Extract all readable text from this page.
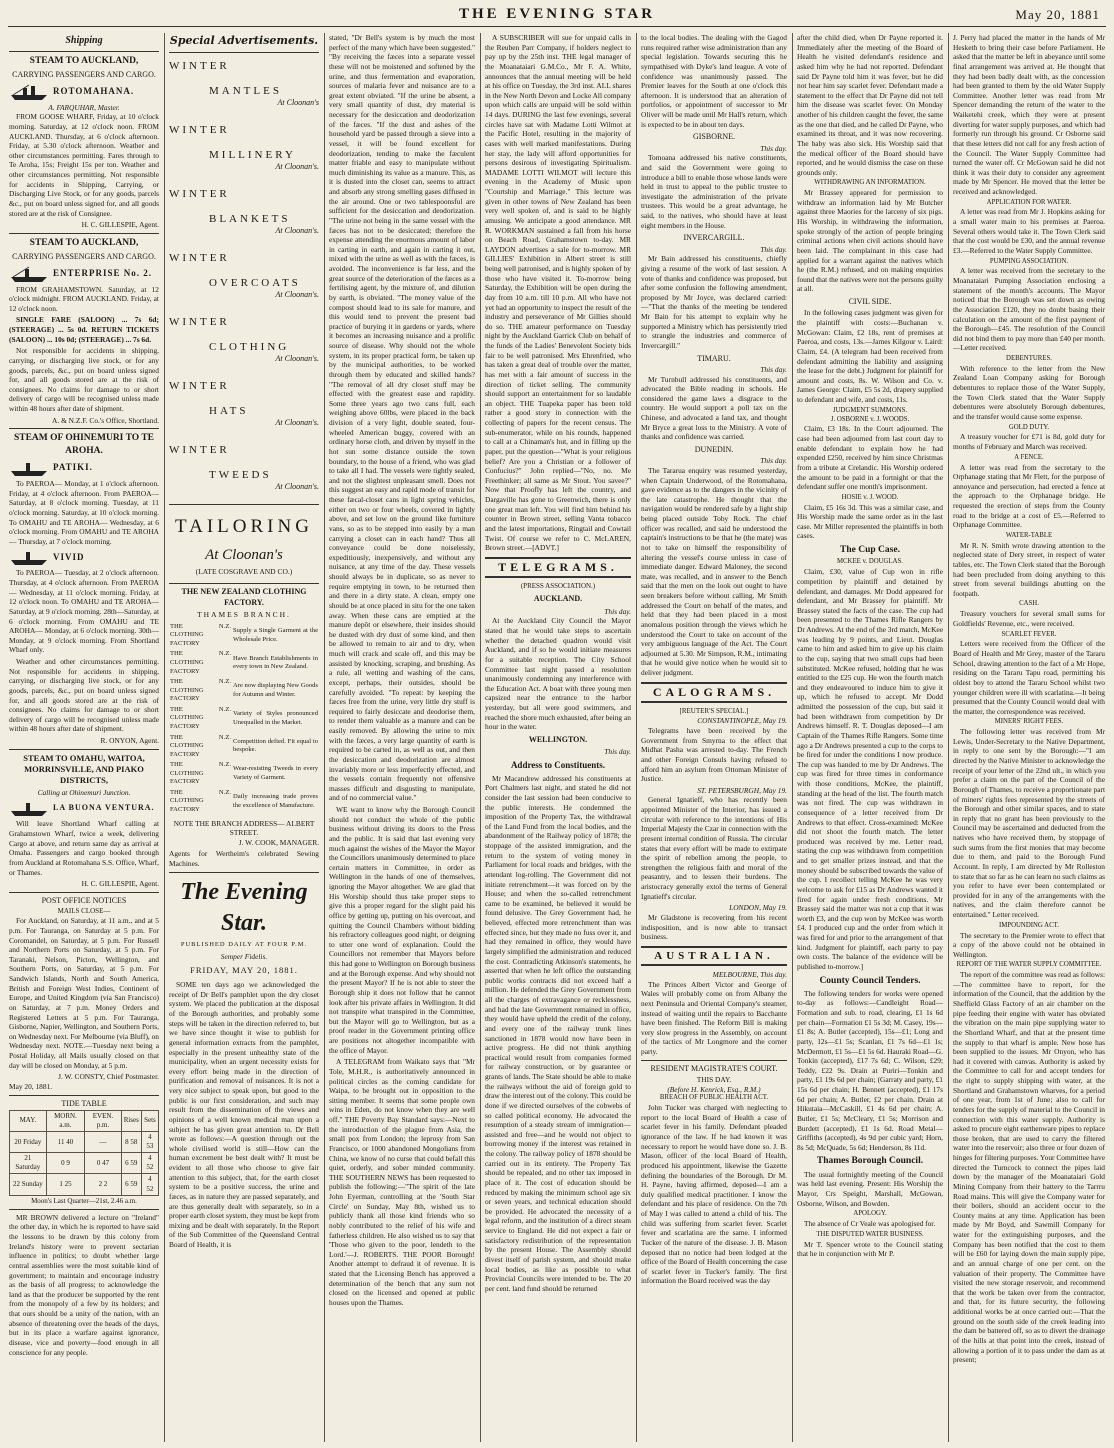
THE EVENING STAR	May 20, 1881
Shipping
STEAM TO AUCKLAND,
CARRYING PASSENGERS AND CARGO.
ROTOMAHANA.
A. FARQUHAR, Master.

FROM GOOSE WHARF, Friday, at 10 o'clock morning. Saturday, at 12 o'clock noon. FROM AUCKLAND. Thursday, at 6 o'clock afternoon. Friday, at 5.30 o'clock afternoon. Weather and other circumstances permitting. Fares through to Te Aroha, 15s; Freight 15s per ton. Weather and other circumstances permitting. Not responsible for accidents in Shipping, Carrying, or Discharging Live Stock, or for any goods, parcels &c., put on board unless signed for, and all goods stored are at the risk of Consignee.

H. C. GILLESPIE, Agent.
STEAM TO AUCKLAND,
CARRYING PASSENGERS AND CARGO.
ENTERPRISE No. 2.

FROM GRAHAMSTOWN. Saturday, at 12 o'clock midnight. FROM AUCKLAND. Friday, at 12 o'clock noon.

SINGLE FARE (SALOON) ... 7s 6d; (STEERAGE) ... 5s 0d. RETURN TICKETS (SALOON) ... 10s 0d; (STEERAGE) ... 7s 6d.

Not responsible for accidents in shipping, carrying, or discharging live stock, or for any goods, parcels, &c., put on board unless signed for, and all goods stored are at the risk of consignees. No claims for damage to or short delivery of cargo will be recognised unless made within 48 hours after date of shipment.

A. & N.Z.F. Co.'s Office, Shortland.
STEAM OF OHINEMURI TO TE AROHA.
PATIKI.

To PAEROA— Monday, at 1 o'clock afternoon. Friday, at 4 o'clock afternoon. From PAEROA— Saturday, at 8 o'clock morning. Tuesday, at 11 o'clock morning. Saturday, at 10 o'clock morning. To OMAHU and TE AROHA— Wednesday, at 6 o'clock morning. From OMAHU and TE AROHA— Thursday, at 7 o'clock morning.

VIVID

To PAEROA— Tuesday, at 2 o'clock afternoon. Thursday, at 4 o'clock afternoon. From PAEROA— Wednesday, at 11 o'clock morning. Friday, at 12 o'clock noon. To OMAHU and TE AROHA— Saturday, at 9 o'clock morning. 28th—Saturday, at 6 o'clock morning. From OMAHU and TE AROHA— Monday, at 6 o'clock morning. 30th—Monday, at 9 o'clock morning. From Shortland Wharf only.

Weather and other circumstances permitting. Not responsible for accidents in shipping, carrying, or discharging live stock, or for any goods, parcels, &c., put on board unless signed for, and all goods stored are at the risk of consignees. No claims for damage to or short delivery of cargo will be recognised unless made within 48 hours after date of shipment.

R. ONYON, Agent.
STEAM TO OMAHU, WAITOA, MORRINSVILLE, AND PIAKO DISTRICTS,
Calling at Ohinemuri Junction.
LA BUONA VENTURA.

Will leave Shortland Wharf calling at Grahamstown Wharf, twice a week, delivering Cargo at above, and return same day as arrival at Omaha. Passengers and cargo booked through from Auckland at Rotomahana S.S. Office, Wharf, or Thames.

H. C. GILLESPIE, Agent.
POST OFFICE NOTICES
MAILS CLOSE—

For Auckland, on Saturday, at 11 a.m., and at 5 p.m. For Tauranga, on Saturday at 5 p.m. For Coromandel, on Saturday, at 5 p.m. For Russell and Northern Ports on Saturday, at 5 p.m. For Taranaki, Nelson, Picton, Wellington, and Southern Ports, on Saturday, at 5 p.m. For Sandwich Islands, North and South America, British and Foreign West Indies, Continent of Europe, and United Kingdom (via San Francisco) on Saturday, at 7 p.m. Money Orders and Registered Letters at 5 p.m. For Tauranga, Gisborne, Napier, Wellington, and Southern Ports, on Wednesday next. For Melbourne (via Bluff), on Wednesday next. NOTE.—Tuesday next being a Postal Holiday, all Mails usually closed on that day will be closed on Monday, at 5 p.m.

J. W. CONSTY, Chief Postmaster.
May 20, 1881.
TIDE TABLE
MAY.	MORN. a.m.	EVEN. p.m.	Rises	Sets
20 Friday	11 40	—	8 58	4 53
21 Saturday	0 9	0 47	6 59	4 52
22 Sunday	1 25	2 2	6 59	4 52
Moon's Last Quarter—21st, 2.46 a.m.

MR BROWN delivered a lecture on "Ireland" the other day, in which he is reported to have said the lessons to be drawn by this colony from Ireland's history were to prevent sectarian influence in politics; to doubt whether large central assemblies were the most suitable kind of government; to maintain and encourage industry as the basis of all progress; to acknowledge the land as that the producer be supported by the rent from the monopoly of a few by its holders; and that ours should be a unity of the nation, with an absence of threatening over the heads of the days, but in its place a warfare against ignorance, disease, vice and poverty—food enough in all conscience for any people.

Special Advertisements.
WINTER
MANTLES
At Cloonan's
WINTER
MILLINERY
At Cloonan's.
WINTER
BLANKETS
At Cloonan's.
WINTER
OVERCOATS
At Cloonan's.
WINTER
CLOTHING
At Cloonan's.
WINTER
HATS
At Cloonan's.
WINTER
TWEEDS
At Cloonan's.
TAILORING
At Cloonan's
(LATE COSGRAVE AND CO.)
THE NEW ZEALAND CLOTHING FACTORY.
THAMES BRANCH.
THE N.Z. CLOTHING FACTORY	Supply a Single Garment at the Wholesale Price.
THE N.Z. CLOTHING FACTORY	Have Branch Establishments in every town in New Zealand.
THE N.Z. CLOTHING FACTORY	Are now displaying New Goods for Autumn and Winter.
THE N.Z. CLOTHING FACTORY	Variety of Styles pronounced Unequalled in the Market.
THE N.Z. CLOTHING FACTORY	Competition defied. Fit equal to bespoke.
THE N.Z. CLOTHING FACTORY	Wear-resisting Tweeds in every Variety of Garment.
THE N.Z. CLOTHING FACTORY	Daily increasing trade proves the excellence of Manufacture.
NOTE THE BRANCH ADDRESS— ALBERT STREET.
J. W. COOK, MANAGER.
Agents for Wertheim's celebrated Sewing Machines.
The Evening Star.
PUBLISHED DAILY AT FOUR P.M.
Semper Fidelis.
FRIDAY, MAY 20, 1881.

SOME ten days ago we acknowledged the receipt of Dr Bell's pamphlet upon the dry closet system. We placed the publication at the disposal of the Borough authorities, and probably some steps will be taken in the direction referred to, but we have since thought it wise to publish for general information extracts from the pamphlet, especially in the present unhealthy state of the municipality, when an urgent necessity exists for every effort being made in the direction of purification and removal of nuisances. It is not a very nice subject to speak upon, but good to the public is our first consideration, and such may result from the dissemination of the views and opinions of a well known medical man upon a subject he has given great attention to. Dr Bell wrote as follows:—A question through out the whole civilised world is still—How can the human excrement be best dealt with? It must be evident to all those who choose to give fair attention to this subject, that, for the earth closet system to be a positive success, the urine and fæces, as in nature they are passed separately, and are thus generally dealt with separately, so in a proper earth closet system, they must be kept from mixing and be dealt with separately. In the Report of the Sub Committee of the Queensland Central Board of Health, it is

stated, "Dr Bell's system is by much the most perfect of the many which have been suggested." "By receiving the fæces into a separate vessel these will not be moistened and softened by the urine, and thus fermentation and evaporation, sources of malaria fever and nuisance are to a great extent obviated. "If the urine be absent, a very small quantity of dust, dry material is necessary for the desiccation and deodorization of the fæces. "If the dust and ashes of the household yard be passed through a sieve into a vessel, it will be found excellent for deodorization, tending to make the fæculent matter friable and easy to manipulate without much diminishing its value as a manure. This, as it is dusted into the closet can, seems to attract and absorb any strong smelling gases diffused in the air around. One or two tablespoonsful are sufficient for the desiccation and deodorization. "The urine not being in the same vessel with the fæces has not to be desiccated; therefore the expense attending the enormous amount of labor in carting in earth, and again in carting it out, mixed with the urine as well as with the fæces, is avoided. The inconvenience is far less, and the great source of the deterioration of the fæces as a fertilising agent, by the mixture of, and dilution by earth, is obviated. "The money value of the compost should lead to its sale for manure, and this would tend to prevent the present bad practice of burying it in gardens or yards, where it becomes an increasing nuisance and a prolific source of disease. Why should not the whole system, in its proper practical form, be taken up by the municipal authorities, to be worked through them by educated and skilled hands? "The removal of all dry closet stuff may be effected with the greatest ease and rapidity. Some three years ago two cans full, each weighing above 60lbs, were placed in the back division of a very light, double seated, four-wheeled American buggy, covered with an ordinary horse cloth, and driven by myself in the hot sun some distance outside the town boundary, to the house of a friend, who was glad to take all I had. The vessels were tightly sealed, and not the slightest unpleasant smell. Does not this suggest an easy and rapid mode of transit for these fæcal-closet cans in light spring vehicles, either on two or four wheels, covered in lightly above, and set low on the ground like furniture vans, so as to be stepped into easily by a man carrying a closet can in each hand? Thus all conveyance could be done noiselessly, expeditiously, inexpensively, and without any nuisance, at any time of the day. These vessels should always be in duplicate, so as never to require emptying in town, to be returned then and there in a dirty state. A clean, empty one should be at once placed in situ for the one taken away. When these cans are emptied at the manure depôt or elsewhere, their insides should be dusted with dry dust of some kind, and then be allowed to remain to air and to dry, when much will crack and scale off, and this may be assisted by knocking, scraping, and brushing. As a rule, all wetting and washing of the cans, except, perhaps, their outsides, should be carefully avoided. "To repeat: by keeping the fæces free from the urine, very little dry stuff is required to fairly desiccate and deodorise them, to render them valuable as a manure and can be easily removed. By allowing the urine to mix with the fæces, a very large quantity of earth is required to be carted in, as well as out, and then the desiccation and deodorization are almost invariably more or less imperfectly effected, and the vessels contain frequently not offensive masses difficult and disgusting to manipulate, and of no commercial value."

WE want to know why the Borough Council should not conduct the whole of the public business without driving its doors to the Press and the public. It is said that last evening very much against the wishes of the Mayor the Mayor the Councillors unanimously determined to place certain matters in Committee, in order as Wellington in the hands of one of themselves, ignoring the Mayor altogether. We are glad that His Worship should thus take proper steps to give this a proper regard for the slight paid his office by getting up, putting on his overcoat, and quitting the Council Chambers without bidding his refractory colleagues good night, or deigning to utter one word of explanation. Could the Councillors not remember that Mayors before this had gone to Wellington on Borough business and at the Borough expense. And why should not the present Mayor? If he is not able to steer the Borough ship it does not follow that he cannot look after his private affairs in Wellington. It did not transpire what transpired in the Committee, but the Mayor will go to Wellington, but as a proof reader in the Government printing office are positions not altogether incompatible with the office of Mayor.

A TELEGRAM from Waikato says that "Mr Tole, M.H.R., is authoritatively announced in political circles as the coming candidate for Waipa, to be brought out in opposition to the sitting member. It seems that some people own wins in Eden, do not know when they are well off." THE Poverty Bay Standard says:—Next to the introduction of the plague from Asia, the small pox from London; the leprosy from San Francisco, or 1000 abandoned Mongolians from China, we know of no curse that could befall this quiet, orderly, and sober minded community. THE SOUTHERN NEWS has been requested to publish the following:—"The spirit of the late John Eyerman, controlling at the 'South Star Circle' on Sunday, May 8th, wished us to publicly thank all those kind friends who so nobly contributed to the relief of his wife and fatherless children. He also wished us to say that 'Those who given to the poor, lendeth to the Lord.'—J. ROBERTS. THE POOR Borough! Another attempt to defraud it of revenue. It is stated that the Licensing Bench has approved a determination of the bench that any sum not closed on the licensed and opened at public houses upon the Thames.

A SUBSCRIBER will sue for unpaid calls in the Reuben Parr Company, if holders neglect to pay up by the 25th inst. THE legal manager of the Moanataiari G.M.Co., Mr F. A. White, announces that the annual meeting will be held at his office on Tuesday, the 3rd inst. ALL shares in the New North Devon and Locke All company upon which calls are unpaid will be sold within 14 days. DURING the last few evenings, several circles have sat with Madame Lotti Wilmot at the Pacific Hotel, resulting in the majority of cases with well marked manifestations. During her stay, the lady will afford opportunities for persons desirous of investigating Spiritualism. MADAME LOTTI WILMOT will lecture this evening in the Academy of Music upon "Courtship and Marriage." This lecture was given in other towns of New Zealand has been very well spoken of, and is said to be highly amusing. We anticipate a good attendance. MR R. WORKMAN sustained a fall from his horse on Beach Road, Grahamstown to-day. MR LAYDON advertises a sale for to-morrow. MR GILLIES' Exhibition in Albert street is still being well patronised, and is highly spoken of by those who have visited it. To-morrow being Saturday, the Exhibition will be open during the day from 10 a.m. till 10 p.m. All who have not yet had an opportunity to inspect the result of the industry and perseverance of Mr Gillies should do so. THE amateur performance on Tuesday night by the Auckland Garrick Club on behalf of the funds of the Ladies' Benevolent Society bids fair to be well patronised. Mrs Ehrenfried, who has taken a great deal of trouble over the matter, has met with a fair amount of success in the direction of ticket selling. The community should support an entertainment for so laudable an object. THE Tuapeka paper has been told rather a good story in connection with the collecting of papers for the recent census. The sub-enumerator, while on his rounds, happened to call at a Chinaman's hut, and in filling up the paper, put the question—"What is your religious belief? Are you a Christian or a follower of Confucius?" John replied—"No, no. Me Freethinker; all same as Mr Stout. You savee?" Now that Proofly has left the country, and Dargaville has gone to Greenwich, there is only one great man left. You will find him behind his counter in Brown street, selling Vanta tobacco and the latest importations, Ringtail and Cowtail Twist. Of course we refer to C. McLAREN, Brown street.—[ADVT.]

TELEGRAMS.
(PRESS ASSOCIATION.)
AUCKLAND.
This day.

At the Auckland City Council the Mayor stated that he would take steps to ascertain whether the detached quadron would visit Auckland, and if so he would initiate measures for a suitable reception. The City School Committee last night passed a resolution unanimously condemning any interference with the Education Act. A boat with three young men capsized near the entrance to the harbor yesterday, but all were good swimmers, and reached the shore much exhausted, after being an hour in the water.

WELLINGTON.
This day.
Address to Constituents.

Mr Macandrew addressed his constituents at Port Chalmers last night, and stated he did not consider the last session had been conducive to the public interests. He condemned the imposition of the Property Tax, the withdrawal of the Land Fund from the local bodies, and the abandonment of the Railway policy of 1878; the stoppage of the assisted immigration, and the return to the system of voting money in Parliament for local roads and bridges, with the attendant log-rolling. The Government did not initiate retrenchment—it was forced on by the House; and when the so-called retrenchment came to be examined, he believed it would be found delusive. The Grey Government had, he believed, effected more retrenchment than was effected since, but they made no fuss over it, and had they remained in office, they would have largely simplified the administration and reduced the cost. Contradicting Atkinson's statements, he asserted that when he left office the outstanding public works contracts did not exceed half a million. He defended the Grey Government from all the charges of extravagance or recklessness, and had the late Government remained in office, they would have upheld the credit of the colony, and every one of the railway trunk lines sanctioned in 1878 would now have been in active progress. He did not think anything practical would result from companies formed for railway construction, or by guarantee or grants of lands. The State should be able to make the railways without the aid of foreign gold to draw the interest out of the colony. This could be done if we directed ourselves of the cobwebs of so called political economy. He advocated the resumption of a steady stream of immigration—assisted and free—and he would not object to borrowing money if the interest was retained in the colony. The railway policy of 1878 should be carried out in its entirety. The Property Tax should be repealed, and no other tax imposed in place of it. The cost of education should be reduced by making the minimum school age six or seven years, and technical education should be provided. He advocated the necessity of a legal reform, and the institution of a direct steam service to England. He did not expect a fair or satisfactory redistribution of the representation by the present House. The Assembly should divest itself of parish system, and should make local bodies, as like as possible to what Provincial Councils were intended to be. The 20 per cent. land fund should be returned

to the local bodies. The dealing with the Gagod runs required rather wise administration than any special legislation. Towards securing this he sympathised with Dyke's land league. A vote of confidence was unanimously passed. The Premier leaves for the South at one o'clock this afternoon. It is understood that an alteration of portfolios, or appointment of successor to Mr Oliver will be made until Mr Hall's return, which is expected to be in about ten days.

GISBORNE.
This day.

Tomoana addressed his native constituents, and said the Government were going to introduce a bill to enable those whose lands were held in trust to appeal to the public trustee to investigate the administration of the private trustees. This would be a great advantage, he said, to the natives, who should have at least eight members in the House.

INVERCARGILL.
This day.

Mr Bain addressed his constituents, chiefly giving a resume of the work of last session. A vote of thanks and confidence was proposed, but after some confusion the following amendment, proposed by Mr Joyce, was declared carried:—"That the thanks of the meeting be tendered Mr Bain for his attempt to explain why he supported a Ministry which has persistently tried to strangle the industries and commerce of Invercargill."

TIMARU.
This day.

Mr Turnbull addressed his constituents, and advocated the Bible reading in schools. He considered the game laws a disgrace to the country. He would support a poll tax on the Chinese, and advocated a land tax, and thought Mr Bryce a great loss to the Ministry. A vote of thanks and confidence was carried.

DUNEDIN.
This day.

The Tararua enquiry was resumed yesterday, when Captain Underwood, of the Rotomahana, gave evidence as to the dangers in the vicinity of the late catastrophe. He thought that the navigation would be rendered safe by a light ship being placed outside Toby Rock. The chief officer was recalled, and said he understood the captain's instructions to be that he (the mate) was not to take on himself the responsibility of altering the vessel's course unless in case of immediate danger. Edward Maloney, the second mate, was recalled, and in answer to the Bench said that the men on the look out ought to have seen breakers before without calling. Mr Smith addressed the Court on behalf of the mates, and held that they had been placed in a most anomalous position through the views which he understood the Court to take on account of the very ambiguous language of the Act. The Court adjourned at 5.30. Mr Simpson, R.M., intimating that he would give notice when he would sit to deliver judgment.

CALOGRAMS.
[REUTER'S SPECIAL.]
CONSTANTINOPLE, May 19.

Telegrams have been received by the Government from Smyrna to the effect that Midhat Pasha was arrested to-day. The French and other Foreign Consuls having refused to afford him an asylum from Ottoman Minister of Justice.

ST. PETERSBURGH, May 19.

General Ignatieff, who has recently been appointed Minister of the Interior, has issued a circular with reference to the intentions of His Imperial Majesty the Czar in connection with the present internal condition of Russia. The circular states that every effort will be made to extirpate the spirit of rebellion among the people, to strengthen the religious faith and moral of the peasantry, and to lessen their burdens. The aristocracy generally extol the terms of General Ignatieff's circular.

LONDON, May 19.

Mr Gladstone is recovering from his recent indisposition, and is now able to transact business.

AUSTRALIAN.
MELBOURNE, This day.

The Princes Albert Victor and George of Wales will probably come on from Albany the next Peninsula and Oriental Company's steamer, instead of waiting until the repairs to Bacchante have been finished. The Reform Bill is making very slow progress in the Assembly, on account of the tactics of Mr Longmore and the corner party.

RESIDENT MAGISTRATE'S COURT.
THIS DAY.
(Before H. Kenrick, Esq., R.M.)
BREACH OF PUBLIC HEALTH ACT.

John Tucker was charged with neglecting to report to the local Board of Health a case of scarlet fever in his family. Defendant pleaded ignorance of the law. If he had known it was necessary to report he would have done so. J. B. Mason, officer of the local Board of Health, produced his appointment, likewise the Gazette defining the boundaries of the Borough. Dr M. H. Payne, having affirmed, deposed—I am a duly qualified medical practitioner. I know the defendant and his place of residence. On the 7th of May I was called to attend a child of his. The child was suffering from scarlet fever. Scarlet fever and scarlatina are the same. I informed Tucker of the nature of the disease. J. B. Mason deposed that no notice had been lodged at the office of the Board of Health concerning the case of scarlet fever in Tucker's family. The first information the Board received was the day

after the child died, when Dr Payne reported it. Immediately after the meeting of the Board of Health he visited defendant's residence and asked him why he had not reported. Defendant said Dr Payne told him it was fever, but he did not hear him say scarlet fever. Defendant made a statement to the effect that Dr Payne did not tell him the disease was scarlet fever. On Monday another of his children caught the fever, the same as the one that died, and he called Dr Payne, who examined its throat, and it was now recovering. The baby was also sick. His Worship said that the medical officer of the Board should have reported, and he would dismiss the case on these grounds only.

WITHDRAWING AN INFORMATION.

Mr Brassey appeared for permission to withdraw an information laid by Mr Butcher against three Maories for the larceny of six pigs. His Worship, in withdrawing the information, spoke strongly of the action of people bringing criminal actions when civil actions should have been laid. The complainant in this case had applied for a warrant against the natives which he (the R.M.) refused, and on making enquiries found that the natives were not the persons guilty at all.

CIVIL SIDE.

In the following cases judgment was given for the plaintiff with costs:—Buchanan v. McGowan: Claim, £2 18s, rent of premises at Paeroa, and costs, 13s.—James Kilgour v. Laird: Claim, £4. (A telegram had been received from defendant admitting the liability and assigning the lease for the debt.) Judgment for plaintiff for amount and costs, 8s. W. Wilson and Co. v. James George: Claim, £5 5s 2d, drapery supplied to defendant and wife, and costs, 11s.

JUDGMENT SUMMONS.
J. OSBORNE v. J. WOODS.

Claim, £3 18s. In the Court adjourned. The case had been adjourned from last court day to enable defendant to explain how he had expended £250, received by him since Christmas from a tribute at Crelandic. His Worship ordered the amount to be paid in a fortnight or that the defendant suffer one month's imprisonment.

HOSIE v. J. WOOD.

Claim, £5 16s 3d. This was a similar case, and His Worship made the same order as in the last case. Mr Miller represented the plaintiffs in both cases.

The Cup Case.
MCKEE v. DOUGLAS.

Claim, £30, value of Cup won in rifle competition by plaintiff and detained by defendant, and damages. Mr Dodd appeared for defendant, and Mr Brassey for plaintiff. Mr Brassey stated the facts of the case. The cup had been presented to the Thames Rifle Rangers by Dr Andrews. At the end of the 3rd match, McKee was leading by 9 points, and Lieut. Douglas came to him and asked him to give up his claim to the cup, saying that two small cups had been substituted. McKee refused, holding that he was entitled to the £25 cup. He won the fourth match and they endeavoured to induce him to give it up, which he refused to accept. Mr Dodd admitted the possession of the cup, but said it had been withdrawn from competition by Dr Andrews himself. R. T. Douglas deposed—I am Captain of the Thames Rifle Rangers. Some time ago a Dr Andrews presented a cup to the corps to be fired for under the conditions I now produce. The cup was handed to me by Dr Andrews. The cup was fired for three times in conformance with those conditions, McKee, the plaintiff, standing at the head of the list. The fourth match was not fired. The cup was withdrawn in consequence of a letter received from Dr Andrews to that effect. Cross-examined: McKee did not shoot the fourth match. The letter produced was received by me. Letter read, stating the cup was withdrawn from competition and to get smaller prizes instead, and that the money should be subscribed towards the value of the cup. I recollect telling McKee he was very welcome to ask for £15 as Dr Andrews wanted it fired for again under fresh conditions. Mr Brassey said the matter was not a cup that it was worth £3, and the cup won by McKee was worth £4. I produced cup and the order from which it was fired for and prior to the arrangement of that kind. Judgment for plaintiff, each party to pay own costs. The balance of the evidence will be published to-morrow.]

County Council Tenders.

The following tenders for works were opened to-day as follows:—Candleight Road—Formation and sub. to road, clearing, £1 1s 6d per chain—Formation £1 5s 3d; M. Casey, 19s—£1 8s; A. Butler (accepted), 15s—£1; Long and party, 12s—£1 5s; Scanlan, £1 7s 6d—£1 1s; McDermott, £1 5s—£1 5s 6d. Hauraki Road—G. Tonkin (accepted), £17 7s 6d; C. Wilson, £29; Teddy, £22 9s. Drain at Puriri—Tonkin and party, £1 19s 6d per chain; (Garraty and party, £1 15s 6d per chain; H. Bennett (accepted), £1 17s 6d per chain; A. Butler, £2 per chain. Drain at Hikutaia—McCaskill, £1 4s 6d per chain; A. Butler, £1 5s; McCleary, £1 5s; Morrison and Burdett (accepted), £1 1s 6d. Road Metal—Griffiths (accepted), 4s 9d per cubic yard; Horn, 8s 5d; McQuade, 5s 6d; Henderson, 8s 11d.

Thames Borough Council.

The usual fortnightly meeting of the Council was held last evening. Present: His Worship the Mayor, Crs Speight, Marshall, McGowan, Osborne, Wilson, and Bowden.

APOLOGY.

The absence of Cr Veale was apologised for.

THE DISPUTED WATER BUSINESS.

Mr T. Spencer wrote to the Council stating that he in conjunction with Mr P.

J. Perry had placed the matter in the hands of Mr Hesketh to bring their case before Parliament. He asked that the matter be left in abeyance until some final arrangement was arrived at. He thought that they had been badly dealt with, as the concession had been granted to them by the old Water Supply Committee. Another letter was read from Mr Spencer demanding the return of the water to the Waiketehi creek, which they were at present diverting for water supply purposes, and which had formerly run through his ground. Cr Osborne said that these letters did not call for any fresh action of the Council. The Water Supply Committee had turned the water off. Cr McGowan said he did not think it was their duty to consider any agreement made by Mr Spencer. He moved that the letter be received and acknowledged.

APPLICATION FOR WATER.

A letter was read from Mr J. Hopkins asking for a small water main to his premises at Paeroa. Several others would take it. The Town Clerk said that the cost would be £30, and the annual revenue £3.—Referred to the Water Supply Committee.

PUMPING ASSOCIATION.

A letter was received from the secretary to the Moanataiari Pumping Association enclosing a statement of the month's accounts. The Mayor noticed that the Borough was set down as owing the Association £120, they no doubt basing their calculation on the amount of the first payment of the Borough—£45. The resolution of the Council did not bind them to pay more than £40 per month.—Letter received.

DEBENTURES.

With reference to the letter from the New Zealand Loan Company asking for Borough debentures to replace those of the Water Supply, the Town Clerk stated that the Water Supply debentures were absolutely Borough debentures, and the transfer would cause some expense.

GOLD DUTY.

A treasury voucher for £71 is 8d, gold duty for months of February and March was received.

A FENCE.

A letter was read from the secretary to the Orphanage stating that Mr Flett, for the purpose of annoyance and persecution, had erected a fence at the approach to the Orphanage bridge. He requested the erection of steps from the County road to the bridge at a cost of £5.—Referred to Orphanage Committee.

WATER-TABLE

Mr R. N. Smith wrote drawing attention to the neglected state of Dery street, in respect of water tables, etc. The Town Clerk stated that the Borough had been precluded from doing anything to this street from several buildings abutting on the footpath.

CASH.

Treasury vouchers for several small sums for Goldfields' Revenue, etc., were received.

SCARLET FEVER.

Letters were received from the Officer of the Board of Health and Mr Grey, master of the Tararu School, drawing attention to the fact of a Mr Hope, residing on the Tararu Tapu road, permitting his oldest boy to attend the Tararu School whilst two younger children were ill with scarlatina.—It being presumed that the County Council would deal with the matter, the correspondence was received.

MINERS' RIGHT FEES.

The following letter was received from Mr Lewis, Under-Secretary to the Native Department, in reply to one sent by the Borough:—"I am directed by the Native Minister to acknowledge the receipt of your letter of the 22nd ult., in which you prefer a claim on the part of the Council of the Borough of Thames, to receive a proportionate part of miners' rights fees represented by the streets of the Borough and other similar spaces, and to state in reply that no grant has been previously to the Council may be ascertained and deducted from the natives who have received them, by stoppage of such sums from the first monies that may become due to them, and paid to the Borough Fund Account. In reply, I am directed by Mr Rolleston to state that so far as he can learn no such claims as you refer to have ever been contemplated or provided for in any of the arrangements with the natives, and the claim therefore cannot be entertained." Letter received.

IMPOUNDING ACT.

The secretary to the Premier wrote to effect that a copy of the above could not be obtained in Wellington.

REPORT OF THE WATER SUPPLY COMMITTEE.

The report of the committee was read as follows:—The committee have to report, for the information of the Council, that the addition by the Sheffield Glass Factory of an air chamber on the pipe feeding their engine with water has obviated the vibration on the main pipe supplying water to the Shortland Wharf, and that at the present time the supply to that wharf is ample. New hose has been supplied to the issues. Mr Onyon, who has had it covered with canvas. Authority is asked by the Committee to call for and accept tenders for the right to supply shipping with water, at the Shortland and Grahamstown wharves, for a period of one year, from 1st of June; also to call for tenders for the supply of material to the Council in connection with this water supply. Authority is asked to procure eight earthenware pipes to replace those broken, that are used to carry the filtered water into the reservoir; also three or four dozen of hinges for filtering purposes. Your Committee have directed the Turncock to connect the pipes laid down by the manager of the Moanataiari Gold Mining Company from their battery to the Tarrru Road mains. This will give the Company water for their boilers, should an accident occur to the County mains at any time. Application has been made by Mr Boyd, and Sawmill Company for water for the extinguishing purposes, and the Company has been notified that the cost to them will be £60 for laying down the main supply pipe, and an annual charge of one per cent. on the valuation of their property. The Committee have visited the new storage reservoir, and recommend that the work be taken over from the contractor, and that, for its future security, the following additional works be at once carried out:—That the ground on the south side of the creek leading into the dam be battered off, so as to divert the drainage of the hills at that point into the creek, instead of allowing a portion of it to pass under the dam as at present;
